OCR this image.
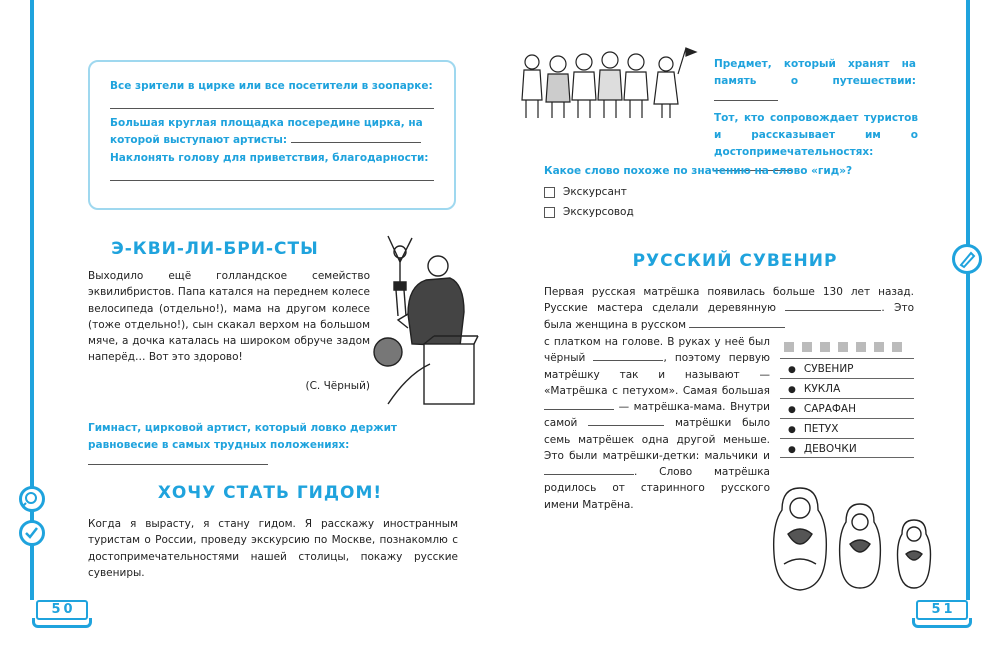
Все зрители в цирке или все посетители в зоопарке:
Большая круглая площадка посередине цирка, на которой выступают артисты:
Наклонять голову для приветствия, благодарности:
Э-КВИ-ЛИ-БРИ-СТЫ
Выходило ещё голландское семейство эквилибристов. Папа катался на переднем колесе велосипеда (отдельно!), мама на другом колесе (тоже отдельно!), сын скакал верхом на большом мяче, а дочка каталась на широком обруче задом наперёд… Вот это здорово!
(С. Чёрный)
Гимнаст, цирковой артист, который ловко держит равновесие в самых трудных положениях:
ХОЧУ СТАТЬ ГИДОМ!
Когда я вырасту, я стану гидом. Я расскажу иностранным туристам о России, проведу экскурсию по Москве, познакомлю с достопримечательностями нашей столицы, покажу русские сувениры.
5 0
Предмет, который хранят на память о путешествии:
Тот, кто сопровождает туристов и рассказывает им о достопримечательностях:
Какое слово похоже по значению на слово «гид»?
Экскурсант
Экскурсовод
РУССКИЙ СУВЕНИР
Первая русская матрёшка появилась больше 130 лет назад. Русские мастера сделали деревянную	. Это была женщина в русском
с платком на голове. В руках у неё был чёрный	, поэтому первую матрёшку так и называют — «Матрёшка с петухом». Самая большая  — матрёшка-мама. Внутри самой	матрёшки было семь матрёшек одна другой меньше. Это были матрёшки-детки: мальчики и . Слово матрёшка родилось от старинного русского имени Матрёна.
● СУВЕНИР
● КУКЛА
● САРАФАН
● ПЕТУХ
● ДЕВОЧКИ
5 1
